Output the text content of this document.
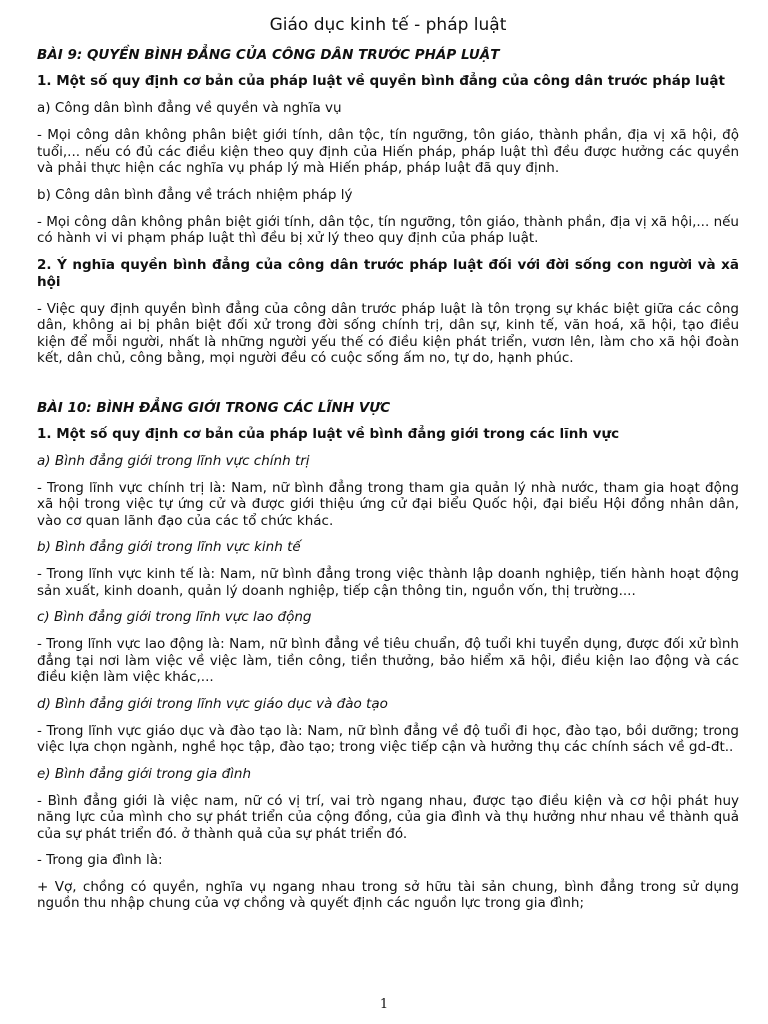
Giáo dục kinh tế - pháp luật
BÀI 9: QUYỀN BÌNH ĐẲNG CỦA CÔNG DÂN TRƯỚC PHÁP LUẬT
1. Một số quy định cơ bản của pháp luật về quyền bình đẳng của công dân trước pháp luật
a) Công dân bình đẳng về quyền và nghĩa vụ
- Mọi công dân không phân biệt giới tính, dân tộc, tín ngưỡng, tôn giáo, thành phần, địa vị xã hội, độ tuổi,... nếu có đủ các điều kiện theo quy định của Hiến pháp, pháp luật thì đều được hưởng các quyền và phải thực hiện các nghĩa vụ pháp lý mà Hiến pháp, pháp luật đã quy định.
b) Công dân bình đẳng về trách nhiệm pháp lý
- Mọi công dân không phân biệt giới tính, dân tộc, tín ngưỡng, tôn giáo, thành phần, địa vị xã hội,... nếu có hành vi vi phạm pháp luật thì đều bị xử lý theo quy định của pháp luật.
2. Ý nghĩa quyền bình đẳng của công dân trước pháp luật đối với đời sống con người và xã hội
- Việc quy định quyền bình đẳng của công dân trước pháp luật là tôn trọng sự khác biệt giữa các công dân, không ai bị phân biệt đối xử trong đời sống chính trị, dân sự, kinh tế, văn hoá, xã hội, tạo điều kiện để mỗi người, nhất là những người yếu thế có điều kiện phát triển, vươn lên, làm cho xã hội đoàn kết, dân chủ, công bằng, mọi người đều có cuộc sống ấm no, tự do, hạnh phúc.
BÀI 10: BÌNH ĐẲNG GIỚI TRONG CÁC LĨNH VỰC
1. Một số quy định cơ bản của pháp luật về bình đẳng giới trong các lĩnh vực
a) Bình đẳng giới trong lĩnh vực chính trị
- Trong lĩnh vực chính trị là: Nam, nữ bình đẳng trong tham gia quản lý nhà nước, tham gia hoạt động xã hội trong việc tự ứng cử và được giới thiệu ứng cử đại biểu Quốc hội, đại biểu Hội đồng nhân dân, vào cơ quan lãnh đạo của các tổ chức khác.
b) Bình đẳng giới trong lĩnh vực kinh tế
- Trong lĩnh vực kinh tế là: Nam, nữ bình đẳng trong việc thành lập doanh nghiệp, tiến hành hoạt động sản xuất, kinh doanh, quản lý doanh nghiệp, tiếp cận thông tin, nguồn vốn, thị trường....
c) Bình đẳng giới trong lĩnh vực lao động
- Trong lĩnh vực lao động là: Nam, nữ bình đẳng về tiêu chuẩn, độ tuổi khi tuyển dụng, được đối xử bình đẳng tại nơi làm việc về việc làm, tiền công, tiền thưởng, bảo hiểm xã hội, điều kiện lao động và các điều kiện làm việc khác,...
d) Bình đẳng giới trong lĩnh vực giáo dục và đào tạo
- Trong lĩnh vực giáo dục và đào tạo là: Nam, nữ bình đẳng về độ tuổi đi học, đào tạo, bồi dưỡng; trong việc lựa chọn ngành, nghề học tập, đào tạo; trong việc tiếp cận và hưởng thụ các chính sách về gd-đt..
e) Bình đẳng giới trong gia đình
- Bình đẳng giới là việc nam, nữ có vị trí, vai trò ngang nhau, được tạo điều kiện và cơ hội phát huy năng lực của mình cho sự phát triển của cộng đồng, của gia đình và thụ hưởng như nhau về thành quả của sự phát triển đó. ở thành quả của sự phát triển đó.
- Trong gia đình là:
+ Vợ, chồng có quyền, nghĩa vụ ngang nhau trong sở hữu tài sản chung, bình đẳng trong sử dụng nguồn thu nhập chung của vợ chồng và quyết định các nguồn lực trong gia đình;
1
